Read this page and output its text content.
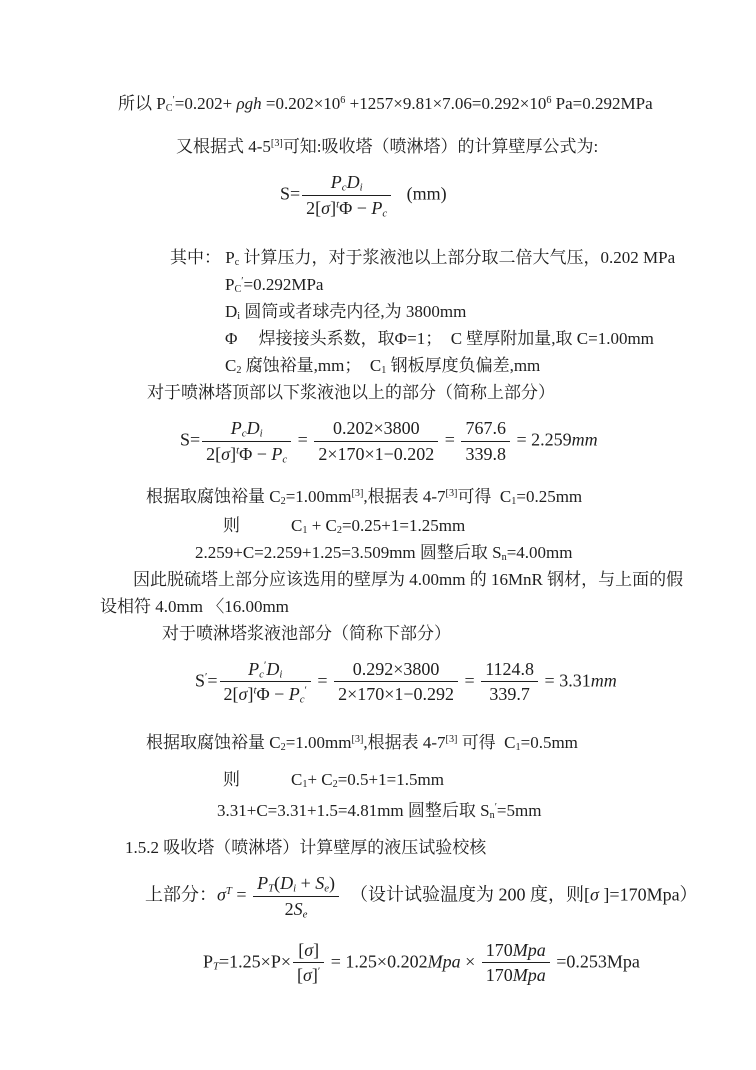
所以 $P_C'=0.202+ \rho gh =0.202\times 10^6 +1257\times 9.81\times 7.06=0.292\times 10^6$ Pa=0.292MPa
又根据式 4-5[3]可知:吸收塔（喷淋塔）的计算壁厚公式为:
$S= \frac{P_cD_i}{2[\sigma]^t\Phi - P_c} (mm)$
其中： $P_c$ 计算压力，对于浆液池以上部分取二倍大气压，0.202 MPa
$P_C'=0.292MPa$
$D_i$ 圆筒或者球壳内径,为 3800mm
Φ　 焊接接头系数，取Φ=1；　C 壁厚附加量,取 C=1.00mm
$C_2$ 腐蚀裕量,mm；　$C_1$ 钢板厚度负偏差,mm
对于喷淋塔顶部以下浆液池以上的部分（简称上部分）
$S= \frac{P_cD_i}{2[\sigma]^t\Phi - P_c} = \frac{0.202\times 3800}{2\times 170\times 1-0.202} = \frac{767.6}{339.8} = 2.259mm$
根据取腐蚀裕量 $C_2=1.00mm[3]$,根据表 4-7[3]可得  $C_1=0.25mm$
则　　　$C_1 + C_2=0.25+1=1.25mm$
2.259+C=2.259+1.25=3.509mm 圆整后取 $S_n=4.00mm$
因此脱硫塔上部分应该选用的壁厚为 4.00mm 的 16MnR 钢材，与上面的假
设相符 4.0mm 〈16.00mm
对于喷淋塔浆液池部分（简称下部分）
$S'= \frac{P_c'D_i}{2[\sigma]^t\Phi - P_c'} = \frac{0.292\times 3800}{2\times 170\times 1-0.292} = \frac{1124.8}{339.7} = 3.31mm$
根据取腐蚀裕量 $C_2=1.00mm[3]$,根据表 4-7[3] 可得  $C_1=0.5mm$
则　　　$C_1+ C_2=0.5+1=1.5mm$
3.31+C=3.31+1.5=4.81mm 圆整后取 $S_n'=5mm$
1.5.2 吸收塔（喷淋塔）计算壁厚的液压试验校核
上部分：$\sigma^T = \frac{P_T(D_i + S_e)}{2S_e}$ 　（设计试验温度为 200 度，则[σ ]=170Mpa）
$P_T=1.25\times P\times \frac{[\sigma]}{[\sigma]'} = 1.25\times 0.202Mpa \times \frac{\text{170Mpa}}{\text{170Mpa}} =0.253Mpa$
